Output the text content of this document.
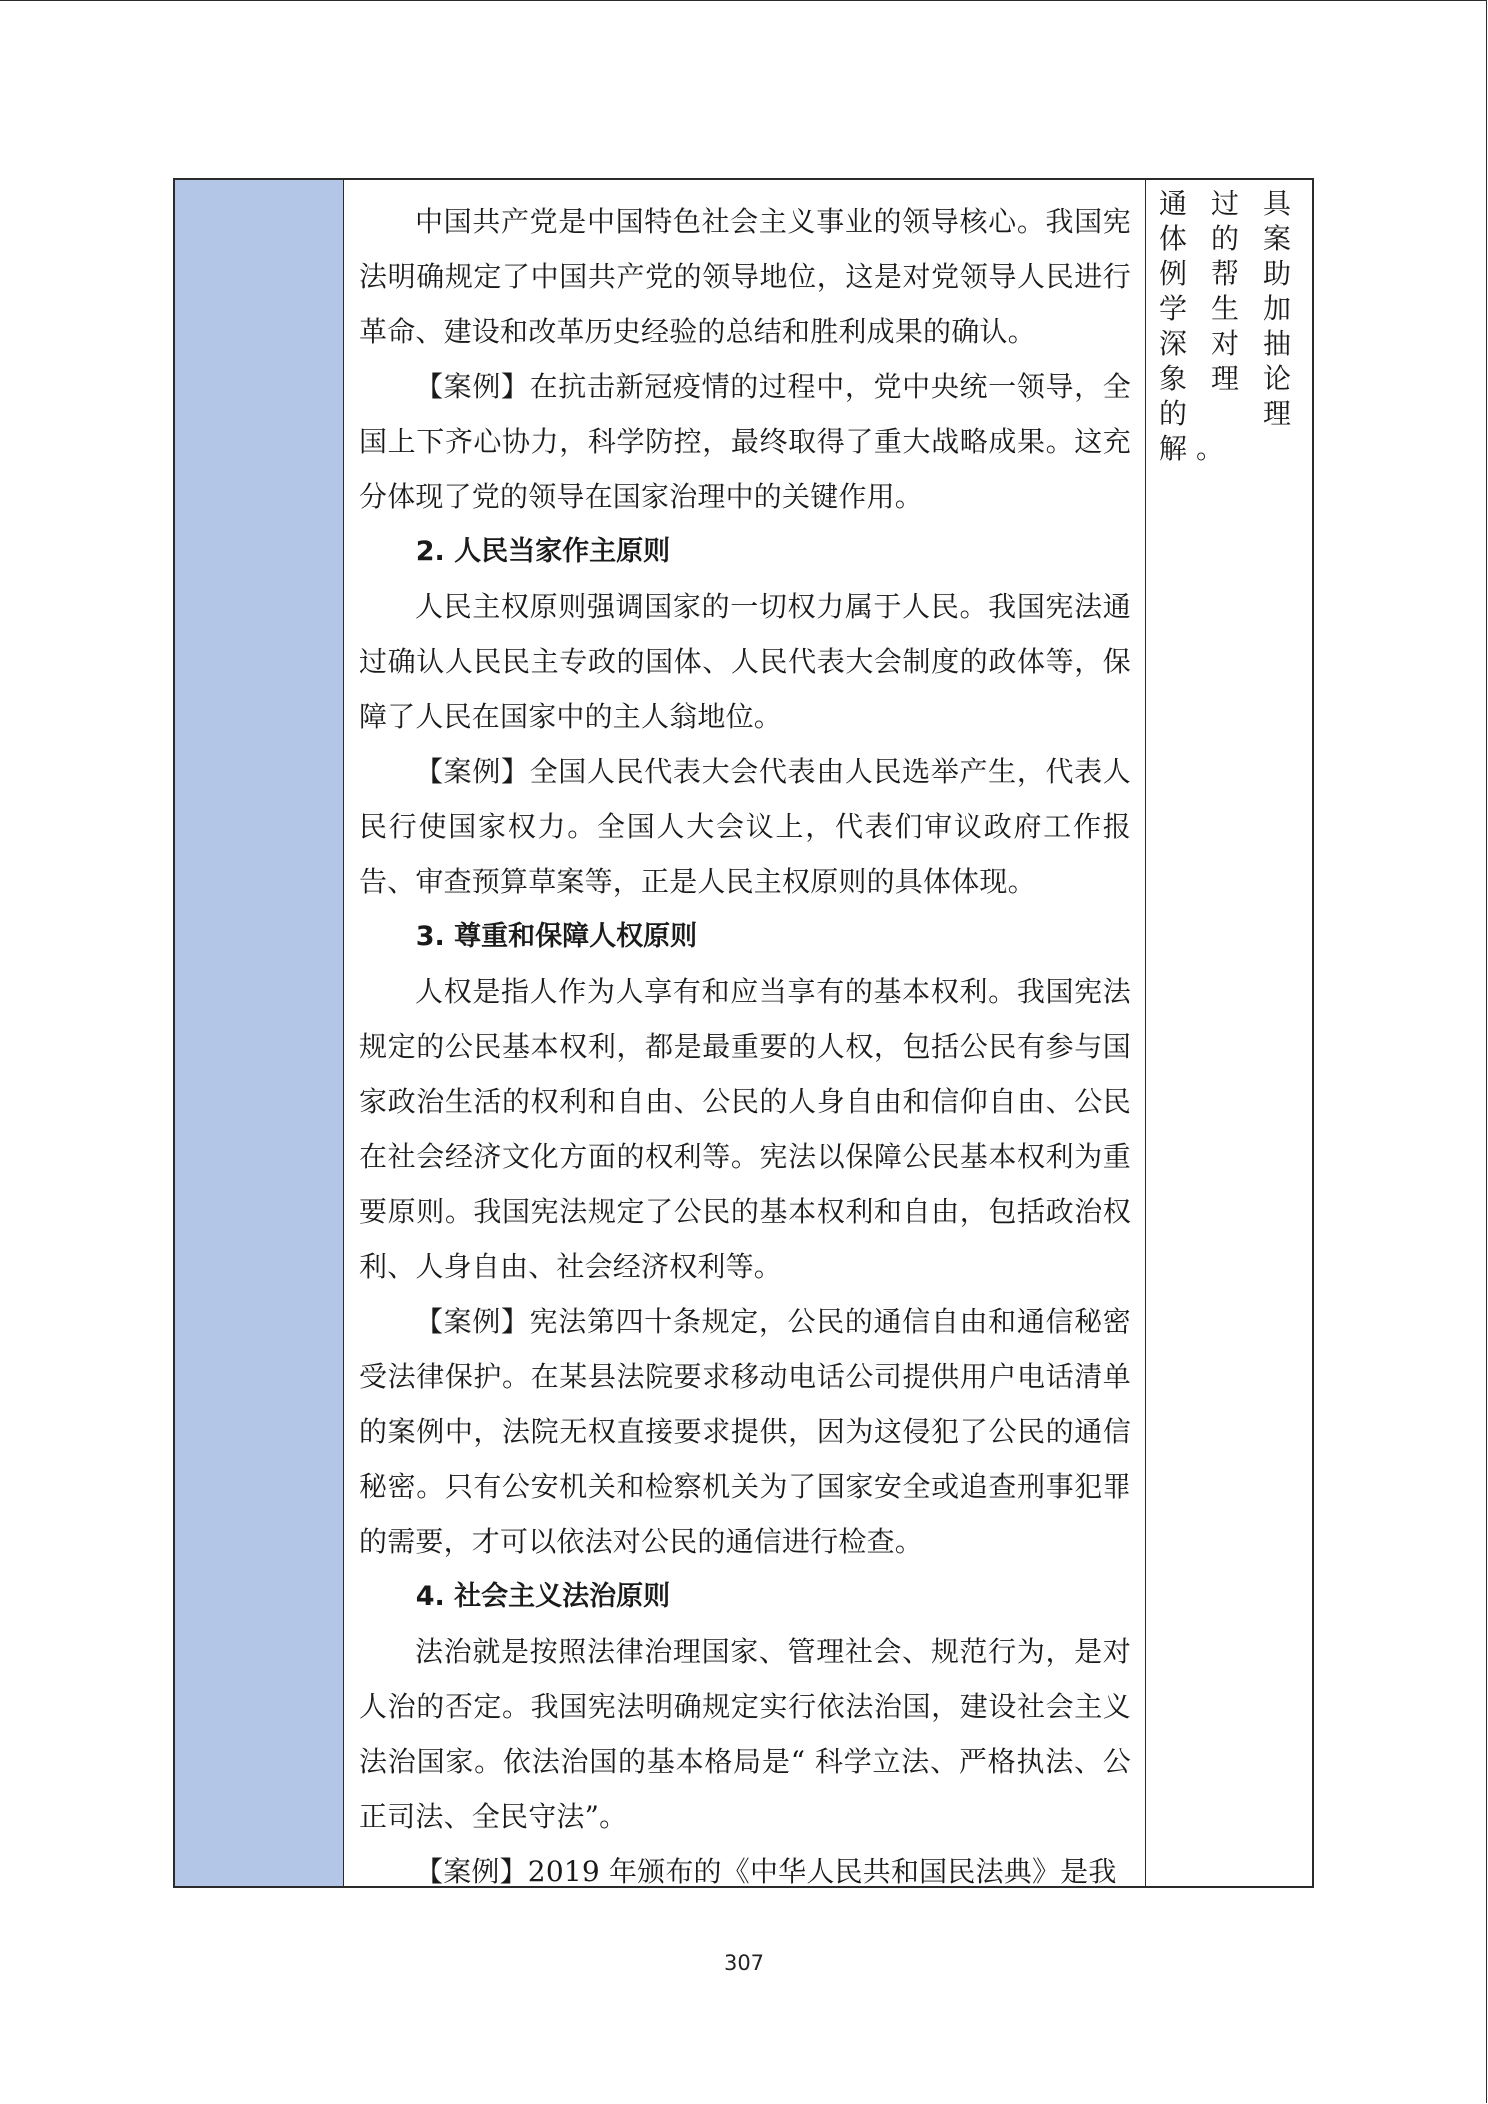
中国共产党是中国特色社会主义事业的领导核心。我国宪法明确规定了中国共产党的领导地位，这是对党领导人民进行革命、建设和改革历史经验的总结和胜利成果的确认。

【案例】在抗击新冠疫情的过程中，党中央统一领导，全国上下齐心协力，科学防控，最终取得了重大战略成果。这充分体现了党的领导在国家治理中的关键作用。

2. 人民当家作主原则

人民主权原则强调国家的一切权力属于人民。我国宪法通过确认人民民主专政的国体、人民代表大会制度的政体等，保障了人民在国家中的主人翁地位。

【案例】全国人民代表大会代表由人民选举产生，代表人民行使国家权力。全国人大会议上，代表们审议政府工作报告、审查预算草案等，正是人民主权原则的具体体现。

3. 尊重和保障人权原则

人权是指人作为人享有和应当享有的基本权利。我国宪法规定的公民基本权利，都是最重要的人权，包括公民有参与国家政治生活的权利和自由、公民的人身自由和信仰自由、公民在社会经济文化方面的权利等。宪法以保障公民基本权利为重要原则。我国宪法规定了公民的基本权利和自由，包括政治权利、人身自由、社会经济权利等。

【案例】宪法第四十条规定，公民的通信自由和通信秘密受法律保护。在某县法院要求移动电话公司提供用户电话清单的案例中，法院无权直接要求提供，因为这侵犯了公民的通信秘密。只有公安机关和检察机关为了国家安全或追查刑事犯罪的需要，才可以依法对公民的通信进行检查。

4. 社会主义法治原则

法治就是按照法律治理国家、管理社会、规范行为，是对人治的否定。我国宪法明确规定实行依法治国，建设社会主义法治国家。依法治国的基本格局是“ 科学立法、严格执法、公正司法、全民守法”。

【案例】2019 年颁布的《中华人民共和国民法典》是我

通过具体的案例帮助学生加深对抽象理论的理解。

307
